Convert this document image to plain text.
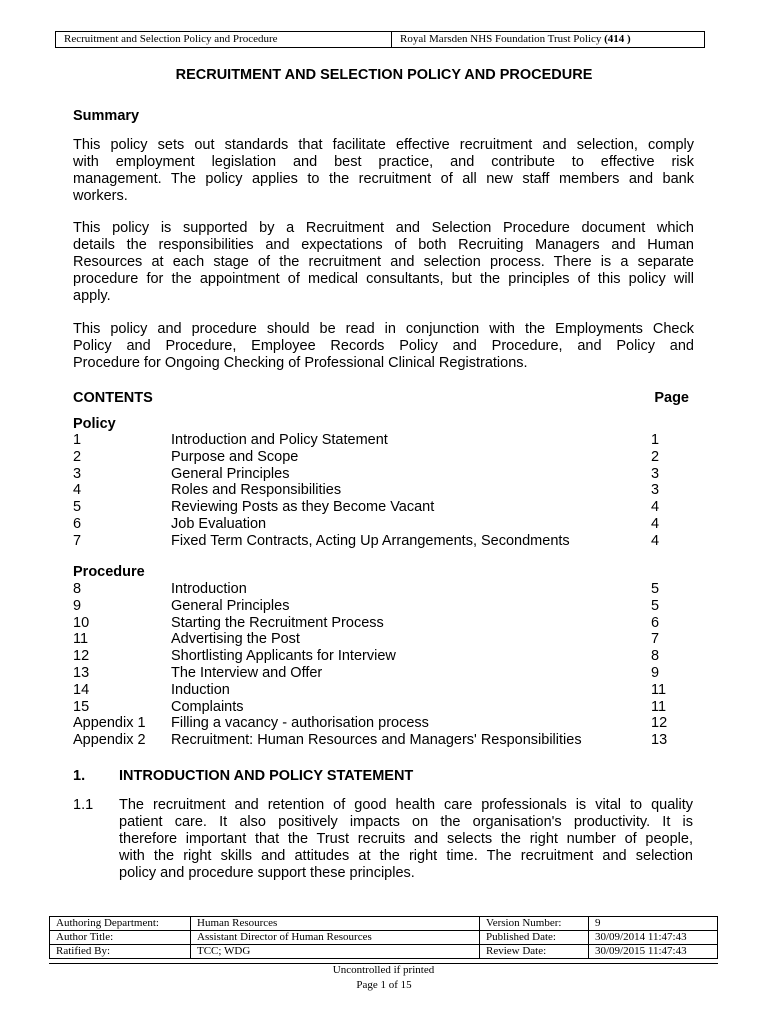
Recruitment and Selection Policy and Procedure	Royal Marsden NHS Foundation Trust Policy (414 )
RECRUITMENT AND SELECTION POLICY AND PROCEDURE
Summary
This policy sets out standards that facilitate effective recruitment and selection, comply
with employment legislation and best practice, and contribute to effective risk
management. The policy applies to the recruitment of all new staff members and bank
workers.
This policy is supported by a Recruitment and Selection Procedure document which
details the responsibilities and expectations of both Recruiting Managers and Human
Resources at each stage of the recruitment and selection process. There is a separate
procedure for the appointment of medical consultants, but the principles of this policy will
apply.
This policy and procedure should be read in conjunction with the Employments Check
Policy and Procedure, Employee Records Policy and Procedure, and Policy and
Procedure for Ongoing Checking of Professional Clinical Registrations.
CONTENTS	Page
Policy
1	Introduction and Policy Statement	1
2	Purpose and Scope	2
3	General Principles	3
4	Roles and Responsibilities	3
5	Reviewing Posts as they Become Vacant	4
6	Job Evaluation	4
7	Fixed Term Contracts, Acting Up Arrangements, Secondments	4
Procedure
8	Introduction	5
9	General Principles	5
10	Starting the Recruitment Process	6
11	Advertising the Post	7
12	Shortlisting Applicants for Interview	8
13	The Interview and Offer	9
14	Induction	11
15	Complaints	11
Appendix 1 Filling a vacancy - authorisation process	12
Appendix 2 Recruitment: Human Resources and Managers' Responsibilities	13
1. INTRODUCTION AND POLICY STATEMENT
1.1 The recruitment and retention of good health care professionals is vital to quality
patient care. It also positively impacts on the organisation's productivity. It is
therefore important that the Trust recruits and selects the right number of people,
with the right skills and attitudes at the right time. The recruitment and selection
policy and procedure support these principles.
Authoring Department:	Human Resources	Version Number:	9
Author Title:	Assistant Director of Human Resources	Published Date:	30/09/2014 11:47:43
Ratified By:	TCC; WDG	Review Date:	30/09/2015 11:47:43
Uncontrolled if printed
Page 1 of 15
